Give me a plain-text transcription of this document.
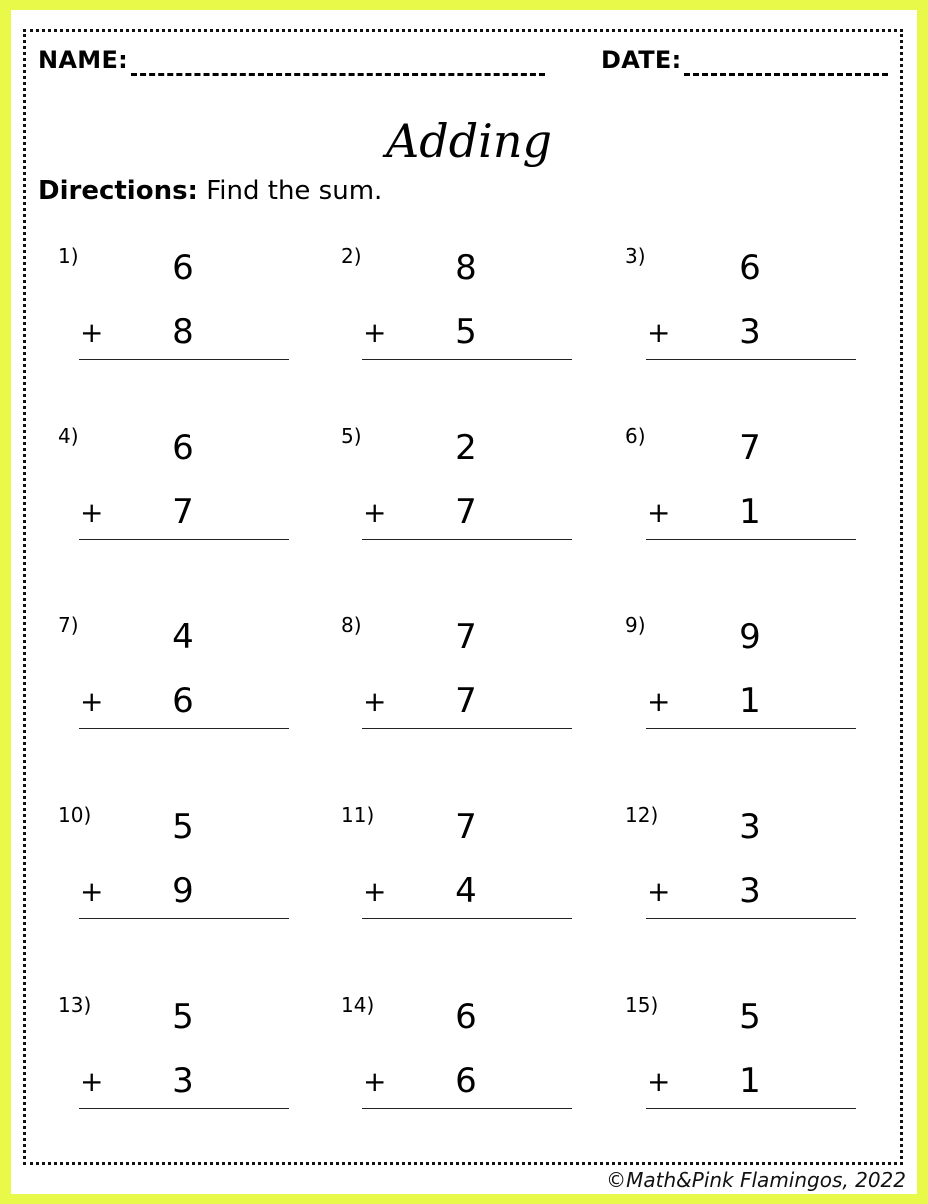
NAME:	DATE:
Adding
Directions: Find the sum.
1)	6
+	8
2)	8
+	5
3)	6
+	3
4)	6
+	7
5)	2
+	7
6)	7
+	1
7)	4
+	6
8)	7
+	7
9)	9
+	1
10)	5
+	9
11)	7
+	4
12)	3
+	3
13)	5
+	3
14)	6
+	6
15)	5
+	1
©Math&Pink Flamingos, 2022
